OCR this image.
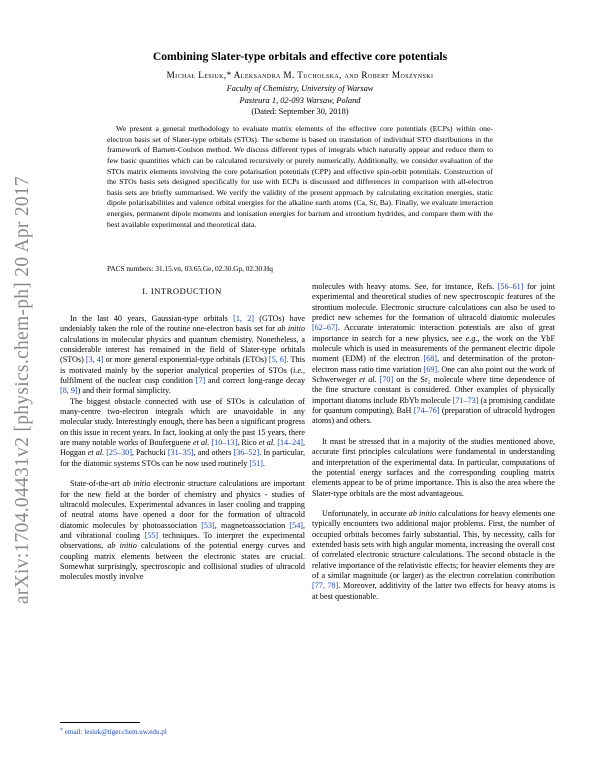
arXiv:1704.04431v2 [physics.chem-ph] 20 Apr 2017
Combining Slater-type orbitals and effective core potentials
Michał Lesiuk,* Aleksandra M. Tucholska, and Robert Moszynski
Faculty of Chemistry, University of Warsaw
Pasteura 1, 02-093 Warsaw, Poland
(Dated: September 30, 2018)

We present a general methodology to evaluate matrix elements of the effective core potentials (ECPs) within one-electron basis set of Slater-type orbitals (STOs). The scheme is based on translation of individual STO distributions in the framework of Barnett-Coulson method. We discuss different types of integrals which naturally appear and reduce them to few basic quantities which can be calculated recursively or purely numerically. Additionally, we consider evaluation of the STOs matrix elements involving the core polarisation potentials (CPP) and effective spin-orbit potentials. Construction of the STOs basis sets designed specifically for use with ECPs is discussed and differences in comparison with all-electron basis sets are briefly summarised. We verify the validity of the present approach by calculating excitation energies, static dipole polarisabilities and valence orbital energies for the alkaline earth atoms (Ca, Sr, Ba). Finally, we evaluate interaction energies, permanent dipole moments and ionisation energies for barium and strontium hydrides, and compare them with the best available experimental and theoretical data.

PACS numbers: 31.15.vn, 03.65.Ge, 02.30.Gp, 02.30.Hq
I. INTRODUCTION

In the last 40 years, Gaussian-type orbitals [1, 2] (GTOs) have undeniably taken the role of the routine one-electron basis set for ab initio calculations in molecular physics and quantum chemistry. Nonetheless, a considerable interest has remained in the field of Slater-type orbitals (STOs) [3, 4] or more general exponential-type orbitals (ETOs) [5, 6]. This is motivated mainly by the superior analytical properties of STOs (i.e., fulfilment of the nuclear cusp condition [7] and correct long-range decay [8, 9]) and their formal simplicity.

The biggest obstacle connected with use of STOs is calculation of many-centre two-electron integrals which are unavoidable in any molecular study. Interestingly enough, there has been a significant progress on this issue in recent years. In fact, looking at only the past 15 years, there are many notable works of Bouferguene et al. [10–13], Rico et al. [14–24], Hoggan et al. [25–30], Pachucki [31–35], and others [36–52]. In particular, for the diatomic systems STOs can be now used routinely [51].

State-of-the-art ab initio electronic structure calculations are important for the new field at the border of chemistry and physics - studies of ultracold molecules. Experimental advances in laser cooling and trapping of neutral atoms have opened a door for the formation of ultracold diatomic molecules by photoassociation [53], magnetoassociation [54], and vibrational cooling [55] techniques. To interpret the experimental observations, ab initio calculations of the potential energy curves and coupling matrix elements between the electronic states are crucial. Somewhat surprisingly, spectroscopic and collisional studies of ultracold molecules mostly involve

molecules with heavy atoms. See, for instance, Refs. [56–61] for joint experimental and theoretical studies of new spectroscopic features of the strontium molecule. Electronic structure calculations can also be used to predict new schemes for the formation of ultracold diatomic molecules [62–67]. Accurate interatomic interaction potentials are also of great importance in search for a new physics, see e.g., the work on the YbF molecule which is used in measurements of the permanent electric dipole moment (EDM) of the electron [68], and determination of the proton-electron mass ratio time variation [69]. One can also point out the work of Schwerweger et al. [70] on the Sr₂ molecule where time dependence of the fine structure constant is considered. Other examples of physically important diatoms include RbYb molecule [71–73] (a promising candidate for quantum computing), BaH [74–76] (preparation of ultracold hydrogen atoms) and others.

It must be stressed that in a majority of the studies mentioned above, accurate first principles calculations were fundamental in understanding and interpretation of the experimental data. In particular, computations of the potential energy surfaces and the corresponding coupling matrix elements appear to be of prime importance. This is also the area where the Slater-type orbitals are the most advantageous.

Unfortunately, in accurate ab initio calculations for heavy elements one typically encounters two additional major problems. First, the number of occupied orbitals becomes fairly substantial. This, by necessity, calls for extended basis sets with high angular momenta, increasing the overall cost of correlated electronic structure calculations. The second obstacle is the relative importance of the relativistic effects; for heavier elements they are of a similar magnitude (or larger) as the electron correlation contribution [77, 78]. Moreover, additivity of the latter two effects for heavy atoms is at best questionable.

* email: lesiuk@tiger.chem.uw.edu.pl
